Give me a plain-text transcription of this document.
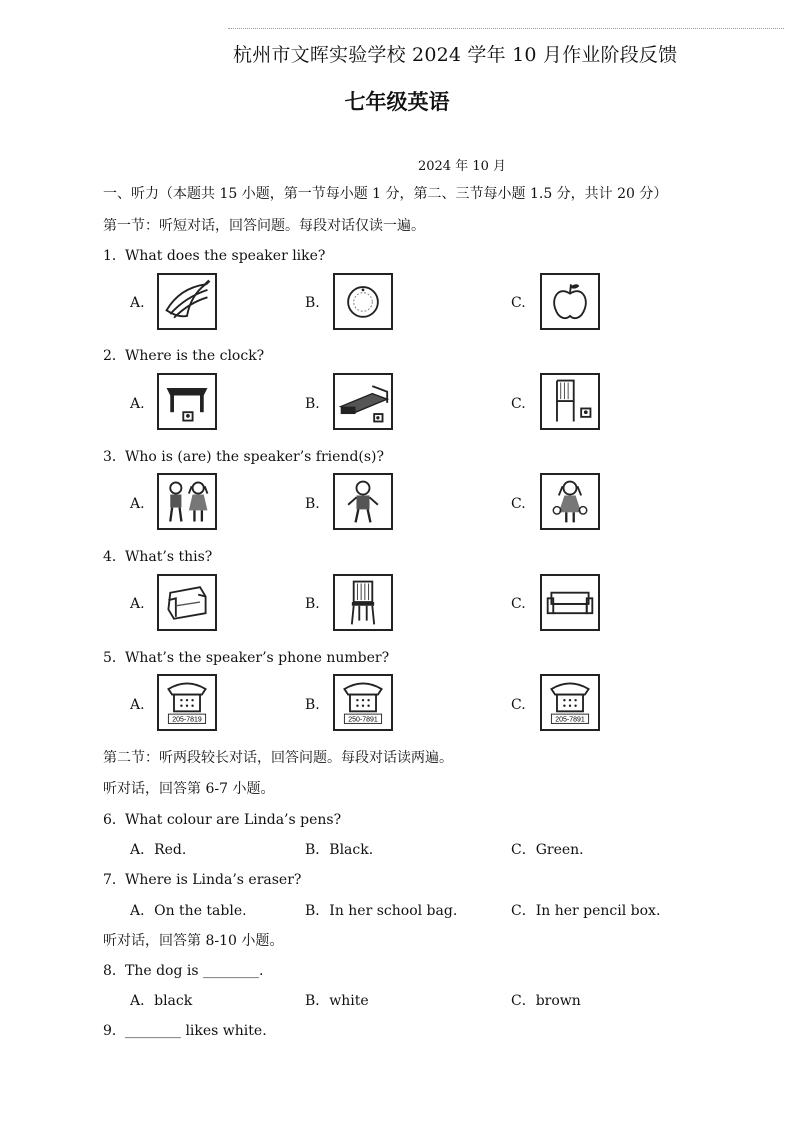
杭州市文晖实验学校 2024 学年 10 月作业阶段反馈
七年级英语
2024 年 10 月
一、听力（本题共 15 小题，第一节每小题 1 分，第二、三节每小题 1.5 分，共计 20 分）
第一节：听短对话，回答问题。每段对话仅读一遍。
1．What does the speaker like?
A.	B.	C.
2．Where is the clock?
A.	B.	C.
3．Who is (are) the speaker’s friend(s)?
A.	B.	C.
4．What’s this?
A.	B.	C.
5．What’s the speaker’s phone number?
A.
205-7819
B.
250-7891
C.
205-7891
第二节：听两段较长对话，回答问题。每段对话读两遍。
听对话，回答第 6-7 小题。
6．What colour are Linda’s pens?
A．Red.	B．Black.	C．Green.
7．Where is Linda’s eraser?
A．On the table.	B．In her school bag.	C．In her pencil box.
听对话，回答第 8-10 小题。
8．The dog is ________.
A．black	B．white	C．brown
9．________ likes white.
